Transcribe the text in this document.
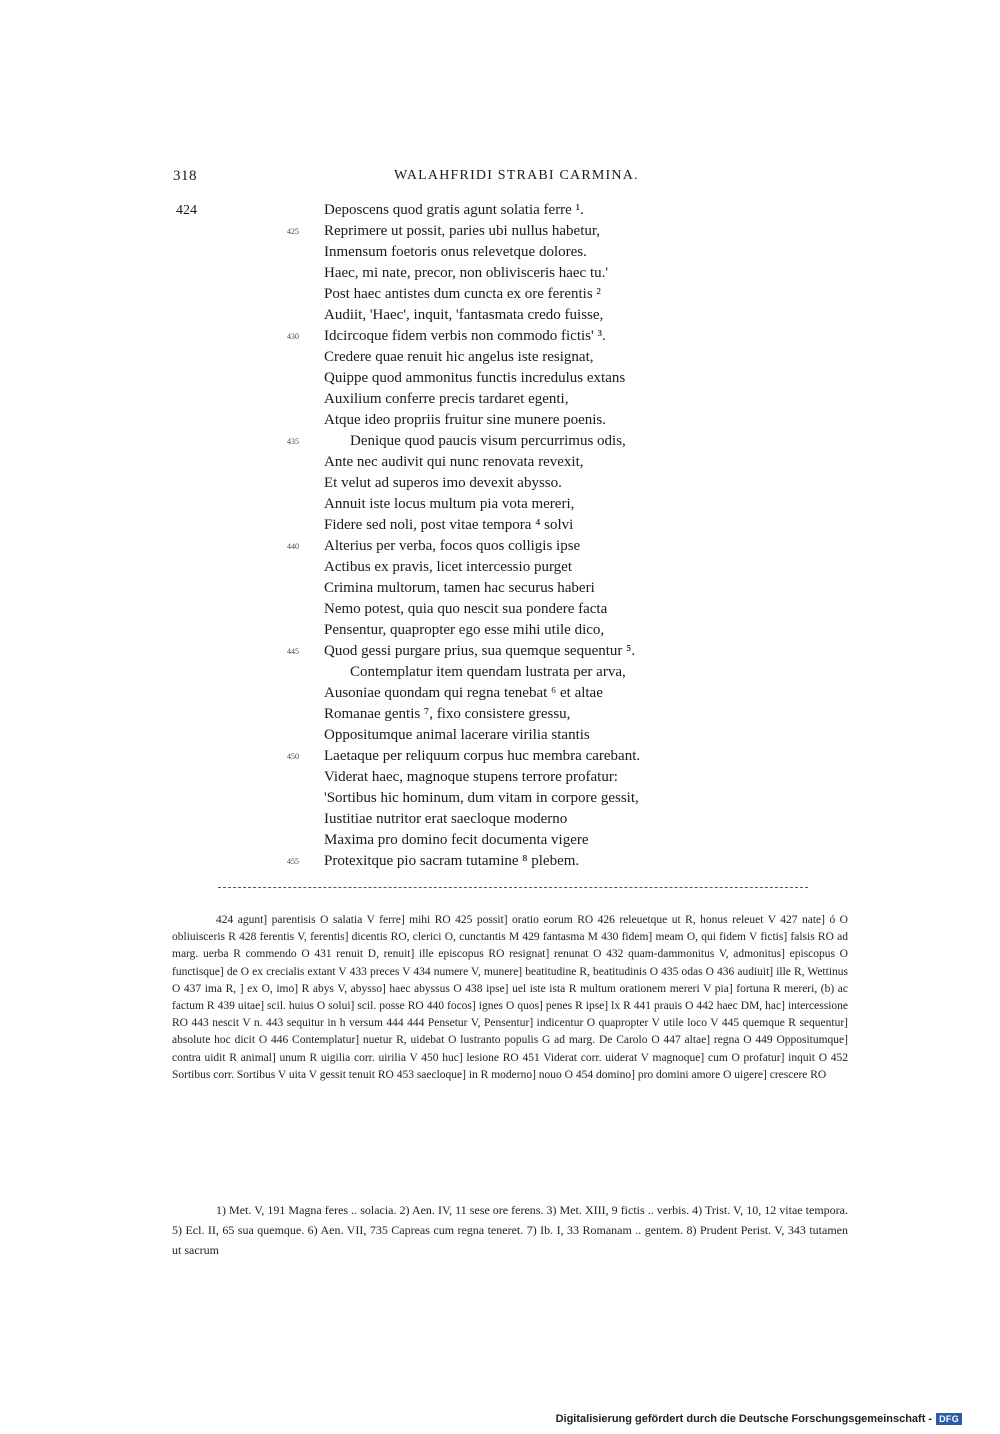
318	WALAHFRIDI STRABI CARMINA.
424	Deposcens quod gratis agunt solatia ferre ¹.
425 Reprimere ut possit, paries ubi nullus habetur,
Inmensum foetoris onus relevetque dolores.
Haec, mi nate, precor, non oblivisceris haec tu.'
Post haec antistes dum cuncta ex ore ferentis ²
Audiit, 'Haec', inquit, 'fantasmata credo fuisse,
430 Idcircoque fidem verbis non commodo fictis' ³.
Credere quae renuit hic angelus iste resignat,
Quippe quod ammonitus functis incredulus extans
Auxilium conferre precis tardaret egenti,
Atque ideo propriis fruitur sine munere poenis.
435	Denique quod paucis visum percurrimus odis,
Ante nec audivit qui nunc renovata revexit,
Et velut ad superos imo devexit abysso.
Annuit iste locus multum pia vota mereri,
Fidere sed noli, post vitae tempora ⁴ solvi
440 Alterius per verba, focos quos colligis ipse
Actibus ex pravis, licet intercessio purget
Crimina multorum, tamen hac securus haberi
Nemo potest, quia quo nescit sua pondere facta
Pensentur, quapropter ego esse mihi utile dico,
445 Quod gessi purgare prius, sua quemque sequentur ⁵.
Contemplatur item quendam lustrata per arva,
Ausoniae quondam qui regna tenebat ⁶ et altae
Romanae gentis ⁷, fixo consistere gressu,
Oppositumque animal lacerare virilia stantis
450 Laetaque per reliquum corpus huc membra carebant.
Viderat haec, magnoque stupens terrore profatur:
'Sortibus hic hominum, dum vitam in corpore gessit,
Iustitiae nutritor erat saecloque moderno
Maxima pro domino fecit documenta vigere
455 Protexitque pio sacram tutamine ⁸ plebem.

424 agunt] parentisis O salatia V ferre] mihi RO 425 possit] oratio eorum RO 426 releuetque ut R, honus releuet V 427 nate] ó O obliuisceris R 428 ferentis V, ferentis] dicentis RO, clerici O, cunctantis M 429 fantasma M 430 fidem] meam O, qui fidem V fictis] falsis RO ad marg. uerba R commendo O 431 renuit D, renuit] ille episcopus RO resignat] renunat O 432 quam-dammonitus V, admonitus] episcopus O functisque] de O ex crecialis extant V 433 preces V 434 numere V, munere] beatitudine R, beatitudinis O 435 odas O 436 audiuit] ille R, Wettinus O 437 ima R, ] ex O, imo] R abys V, abysso] haec abyssus O 438 ipse] uel iste ista R multum orationem mereri V pia] fortuna R mereri, (b) ac factum R 439 uitae] scil. huius O solui] scil. posse RO 440 focos] ignes O quos] penes R ipse] lx R 441 prauis O 442 haec DM, hac] intercessione RO 443 nescit V n. 443 sequitur in h versum 444 444 Pensetur V, Pensentur] indicentur O quapropter V utile loco V 445 quemque R sequentur] absolute hoc dicit O 446 Contemplatur] nuetur R, uidebat O lustranto populis G ad marg. De Carolo O 447 altae] regna O 449 Oppositumque] contra uidit R animal] unum R uigilia corr. uirilia V 450 huc] lesione RO 451 Viderat corr. uiderat V magnoque] cum O profatur] inquit O 452 Sortibus corr. Sortibus V uita V gessit tenuit RO 453 saecloque] in R moderno] nouo O 454 domino] pro domini amore O uigere] crescere RO

1) Met. V, 191 Magna feres .. solacia. 2) Aen. IV, 11 sese ore ferens. 3) Met. XIII, 9 fictis .. verbis. 4) Trist. V, 10, 12 vitae tempora. 5) Ecl. II, 65 sua quemque. 6) Aen. VII, 735 Capreas cum regna teneret. 7) Ib. I, 33 Romanam .. gentem. 8) Prudent Perist. V, 343 tutamen ut sacrum

Digitalisierung gefördert durch die Deutsche Forschungsgemeinschaft - DFG
